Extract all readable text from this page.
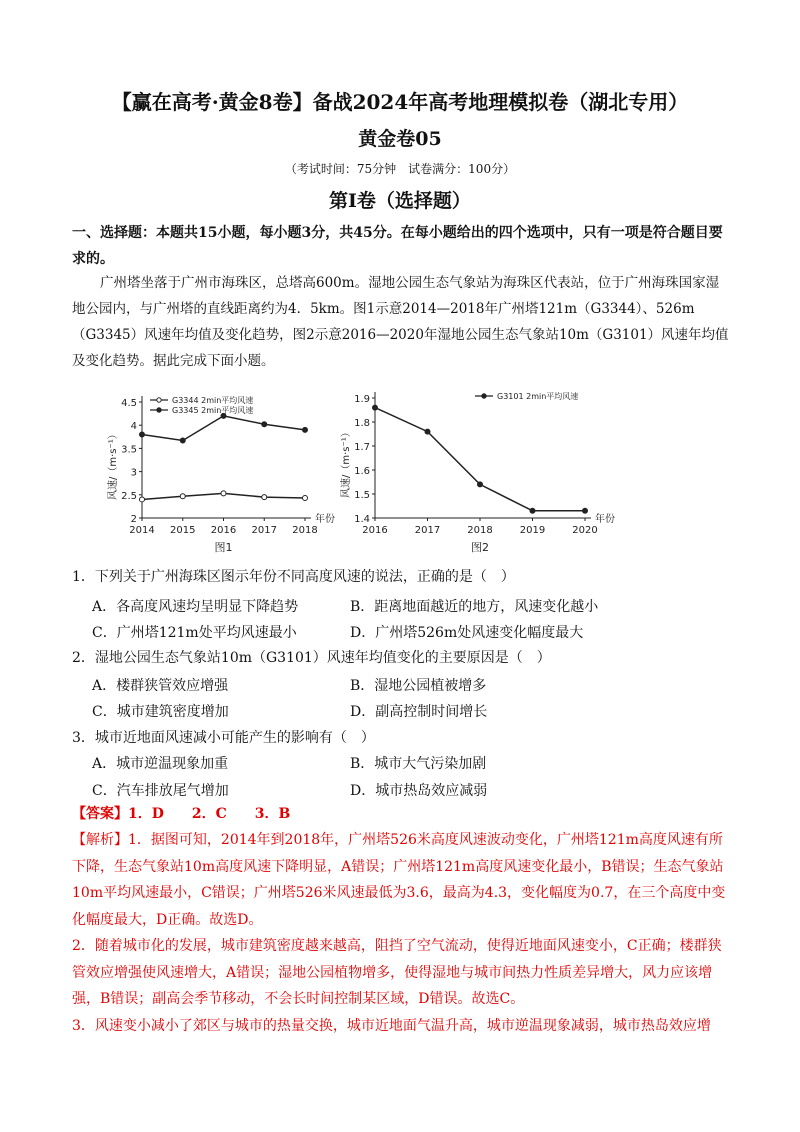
【赢在高考·黄金8卷】备战2024年高考地理模拟卷（湖北专用）
黄金卷05
（考试时间：75分钟　试卷满分：100分）
第I卷（选择题）
一、选择题：本题共15小题，每小题3分，共45分。在每小题给出的四个选项中，只有一项是符合题目要求的。
广州塔坐落于广州市海珠区，总塔高600m。湿地公园生态气象站为海珠区代表站，位于广州海珠国家湿地公园内，与广州塔的直线距离约为4．5km。图1示意2014—2018年广州塔121m（G3344）、526m（G3345）风速年均值及变化趋势，图2示意2016—2020年湿地公园生态气象站10m（G3101）风速年均值及变化趋势。据此完成下面小题。
2
2.5
3
3.5
4
4.5
2014 2015 2016 2017 2018
年份
风速/（m·s⁻¹）
G3344 2min平均风速
G3345 2min平均风速
图1
1.4
1.5
1.6
1.7
1.8
1.9
2016	2017	2018	2019	2020
年份
风速/（m·s⁻¹）
G3101 2min平均风速
图2
1．下列关于广州海珠区图示年份不同高度风速的说法，正确的是（　）
A．各高度风速均呈明显下降趋势	B．距离地面越近的地方，风速变化越小
C．广州塔121m处平均风速最小	D．广州塔526m处风速变化幅度最大
2．湿地公园生态气象站10m（G3101）风速年均值变化的主要原因是（　）
A．楼群狭管效应增强	B．湿地公园植被增多
C．城市建筑密度增加	D．副高控制时间增长
3．城市近地面风速减小可能产生的影响有（　）
A．城市逆温现象加重	B．城市大气污染加剧
C．汽车排放尾气增加	D．城市热岛效应减弱
【答案】1．D　　2．C　　3．B
【解析】1．据图可知，2014年到2018年，广州塔526米高度风速波动变化，广州塔121m高度风速有所下降，生态气象站10m高度风速下降明显，A错误；广州塔121m高度风速变化最小，B错误；生态气象站10m平均风速最小，C错误；广州塔526米风速最低为3.6，最高为4.3，变化幅度为0.7，在三个高度中变化幅度最大，D正确。故选D。
2．随着城市化的发展，城市建筑密度越来越高，阻挡了空气流动，使得近地面风速变小，C正确；楼群狭管效应增强使风速增大，A错误；湿地公园植物增多，使得湿地与城市间热力性质差异增大，风力应该增强，B错误；副高会季节移动，不会长时间控制某区域，D错误。故选C。
3．风速变小减小了郊区与城市的热量交换，城市近地面气温升高，城市逆温现象减弱，城市热岛效应增
